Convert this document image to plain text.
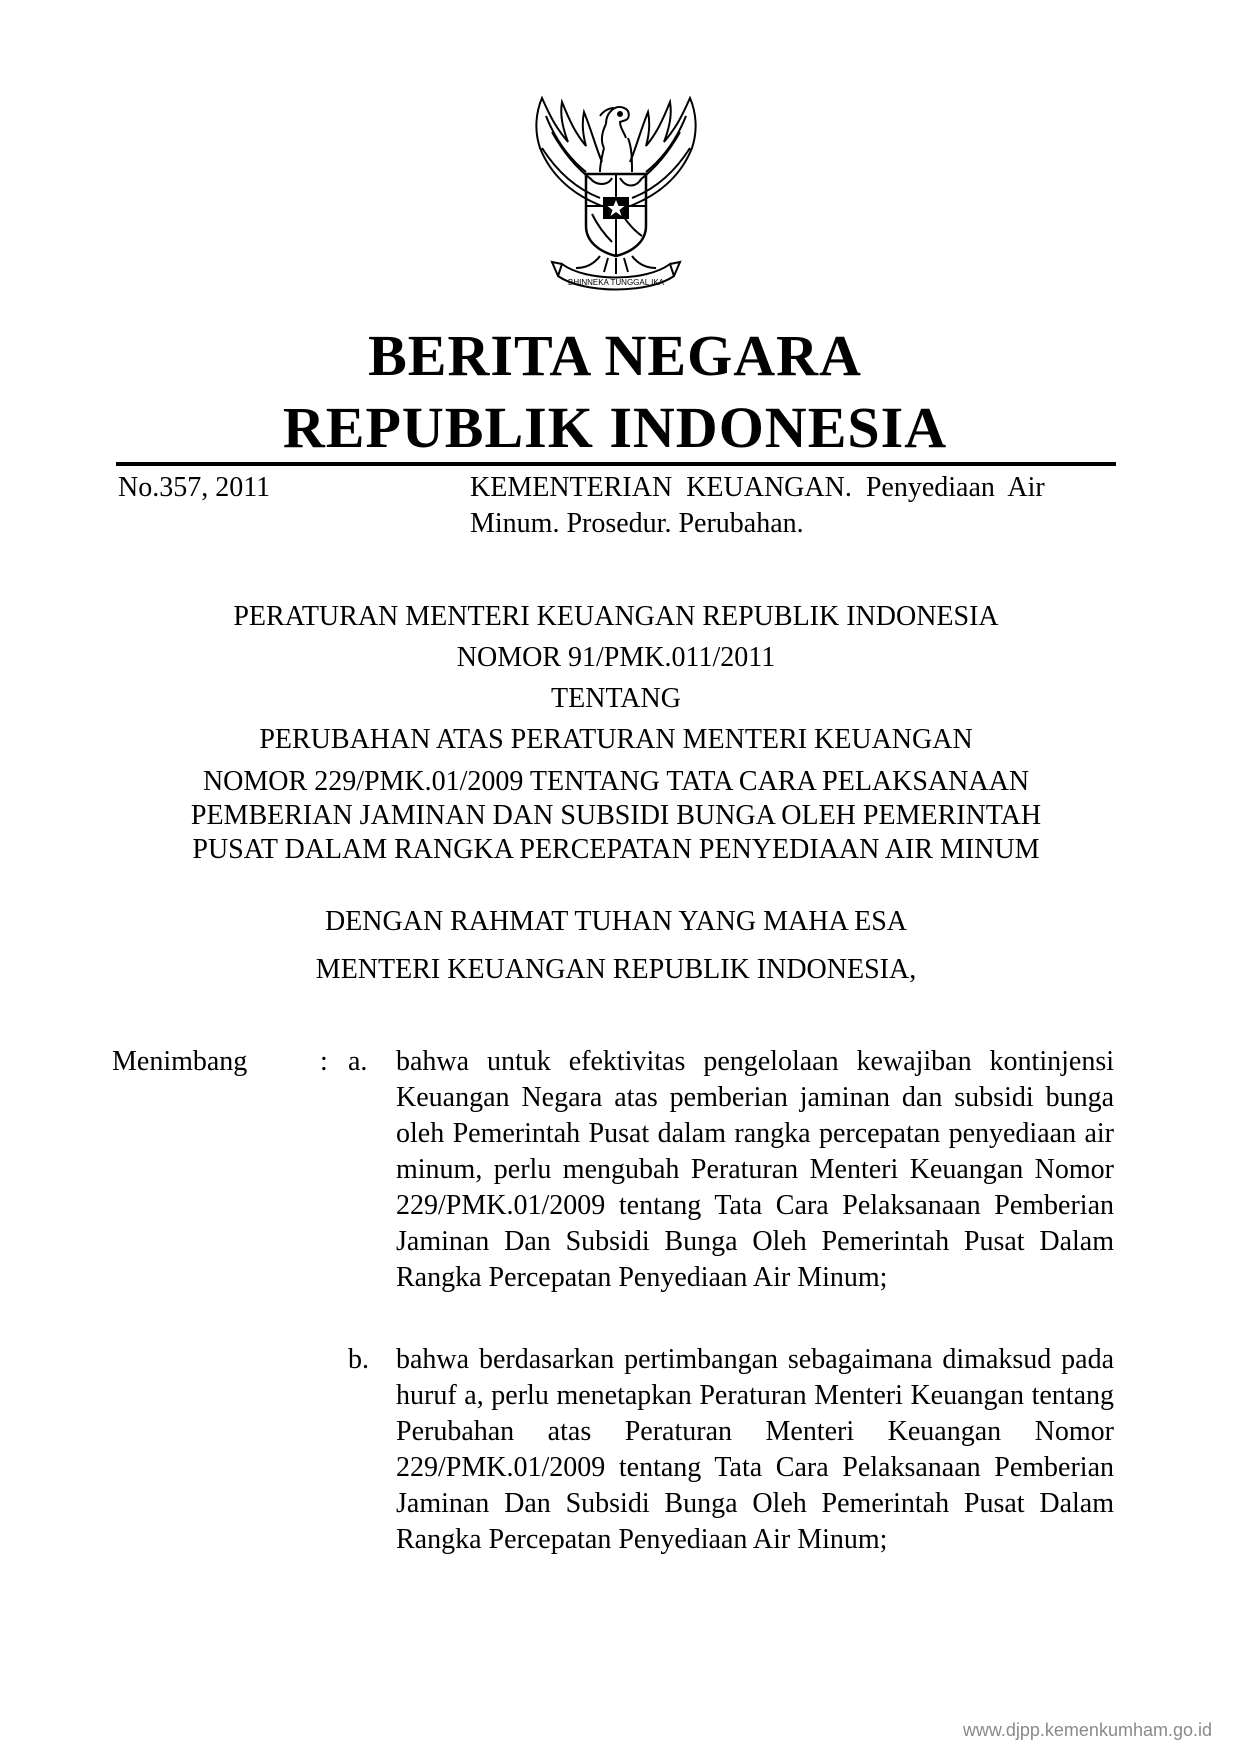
BHINNEKA TUNGGAL IKA
BERITA NEGARA
REPUBLIK INDONESIA
No.357, 2011	KEMENTERIAN  KEUANGAN.  Penyediaan  Air
Minum. Prosedur. Perubahan.
PERATURAN MENTERI KEUANGAN REPUBLIK INDONESIA
NOMOR 91/PMK.011/2011
TENTANG
PERUBAHAN ATAS PERATURAN MENTERI KEUANGAN
NOMOR 229/PMK.01/2009 TENTANG TATA CARA PELAKSANAAN
PEMBERIAN JAMINAN DAN SUBSIDI BUNGA OLEH PEMERINTAH
PUSAT DALAM RANGKA PERCEPATAN PENYEDIAAN AIR MINUM
DENGAN RAHMAT TUHAN YANG MAHA ESA
MENTERI KEUANGAN REPUBLIK INDONESIA,
Menimbang	: a. bahwa untuk efektivitas pengelolaan kewajiban kontinjensi Keuangan Negara atas pemberian jaminan dan subsidi bunga oleh Pemerintah Pusat dalam rangka percepatan penyediaan air minum, perlu mengubah Peraturan Menteri Keuangan Nomor 229/PMK.01/2009 tentang Tata Cara Pelaksanaan Pemberian Jaminan Dan Subsidi Bunga Oleh Pemerintah Pusat Dalam Rangka Percepatan Penyediaan Air Minum;
b. bahwa berdasarkan pertimbangan sebagaimana dimaksud pada huruf a, perlu menetapkan Peraturan Menteri Keuangan tentang Perubahan atas Peraturan Menteri Keuangan Nomor 229/PMK.01/2009 tentang Tata Cara Pelaksanaan Pemberian Jaminan Dan Subsidi Bunga Oleh Pemerintah Pusat Dalam Rangka Percepatan Penyediaan Air Minum;
www.djpp.kemenkumham.go.id
